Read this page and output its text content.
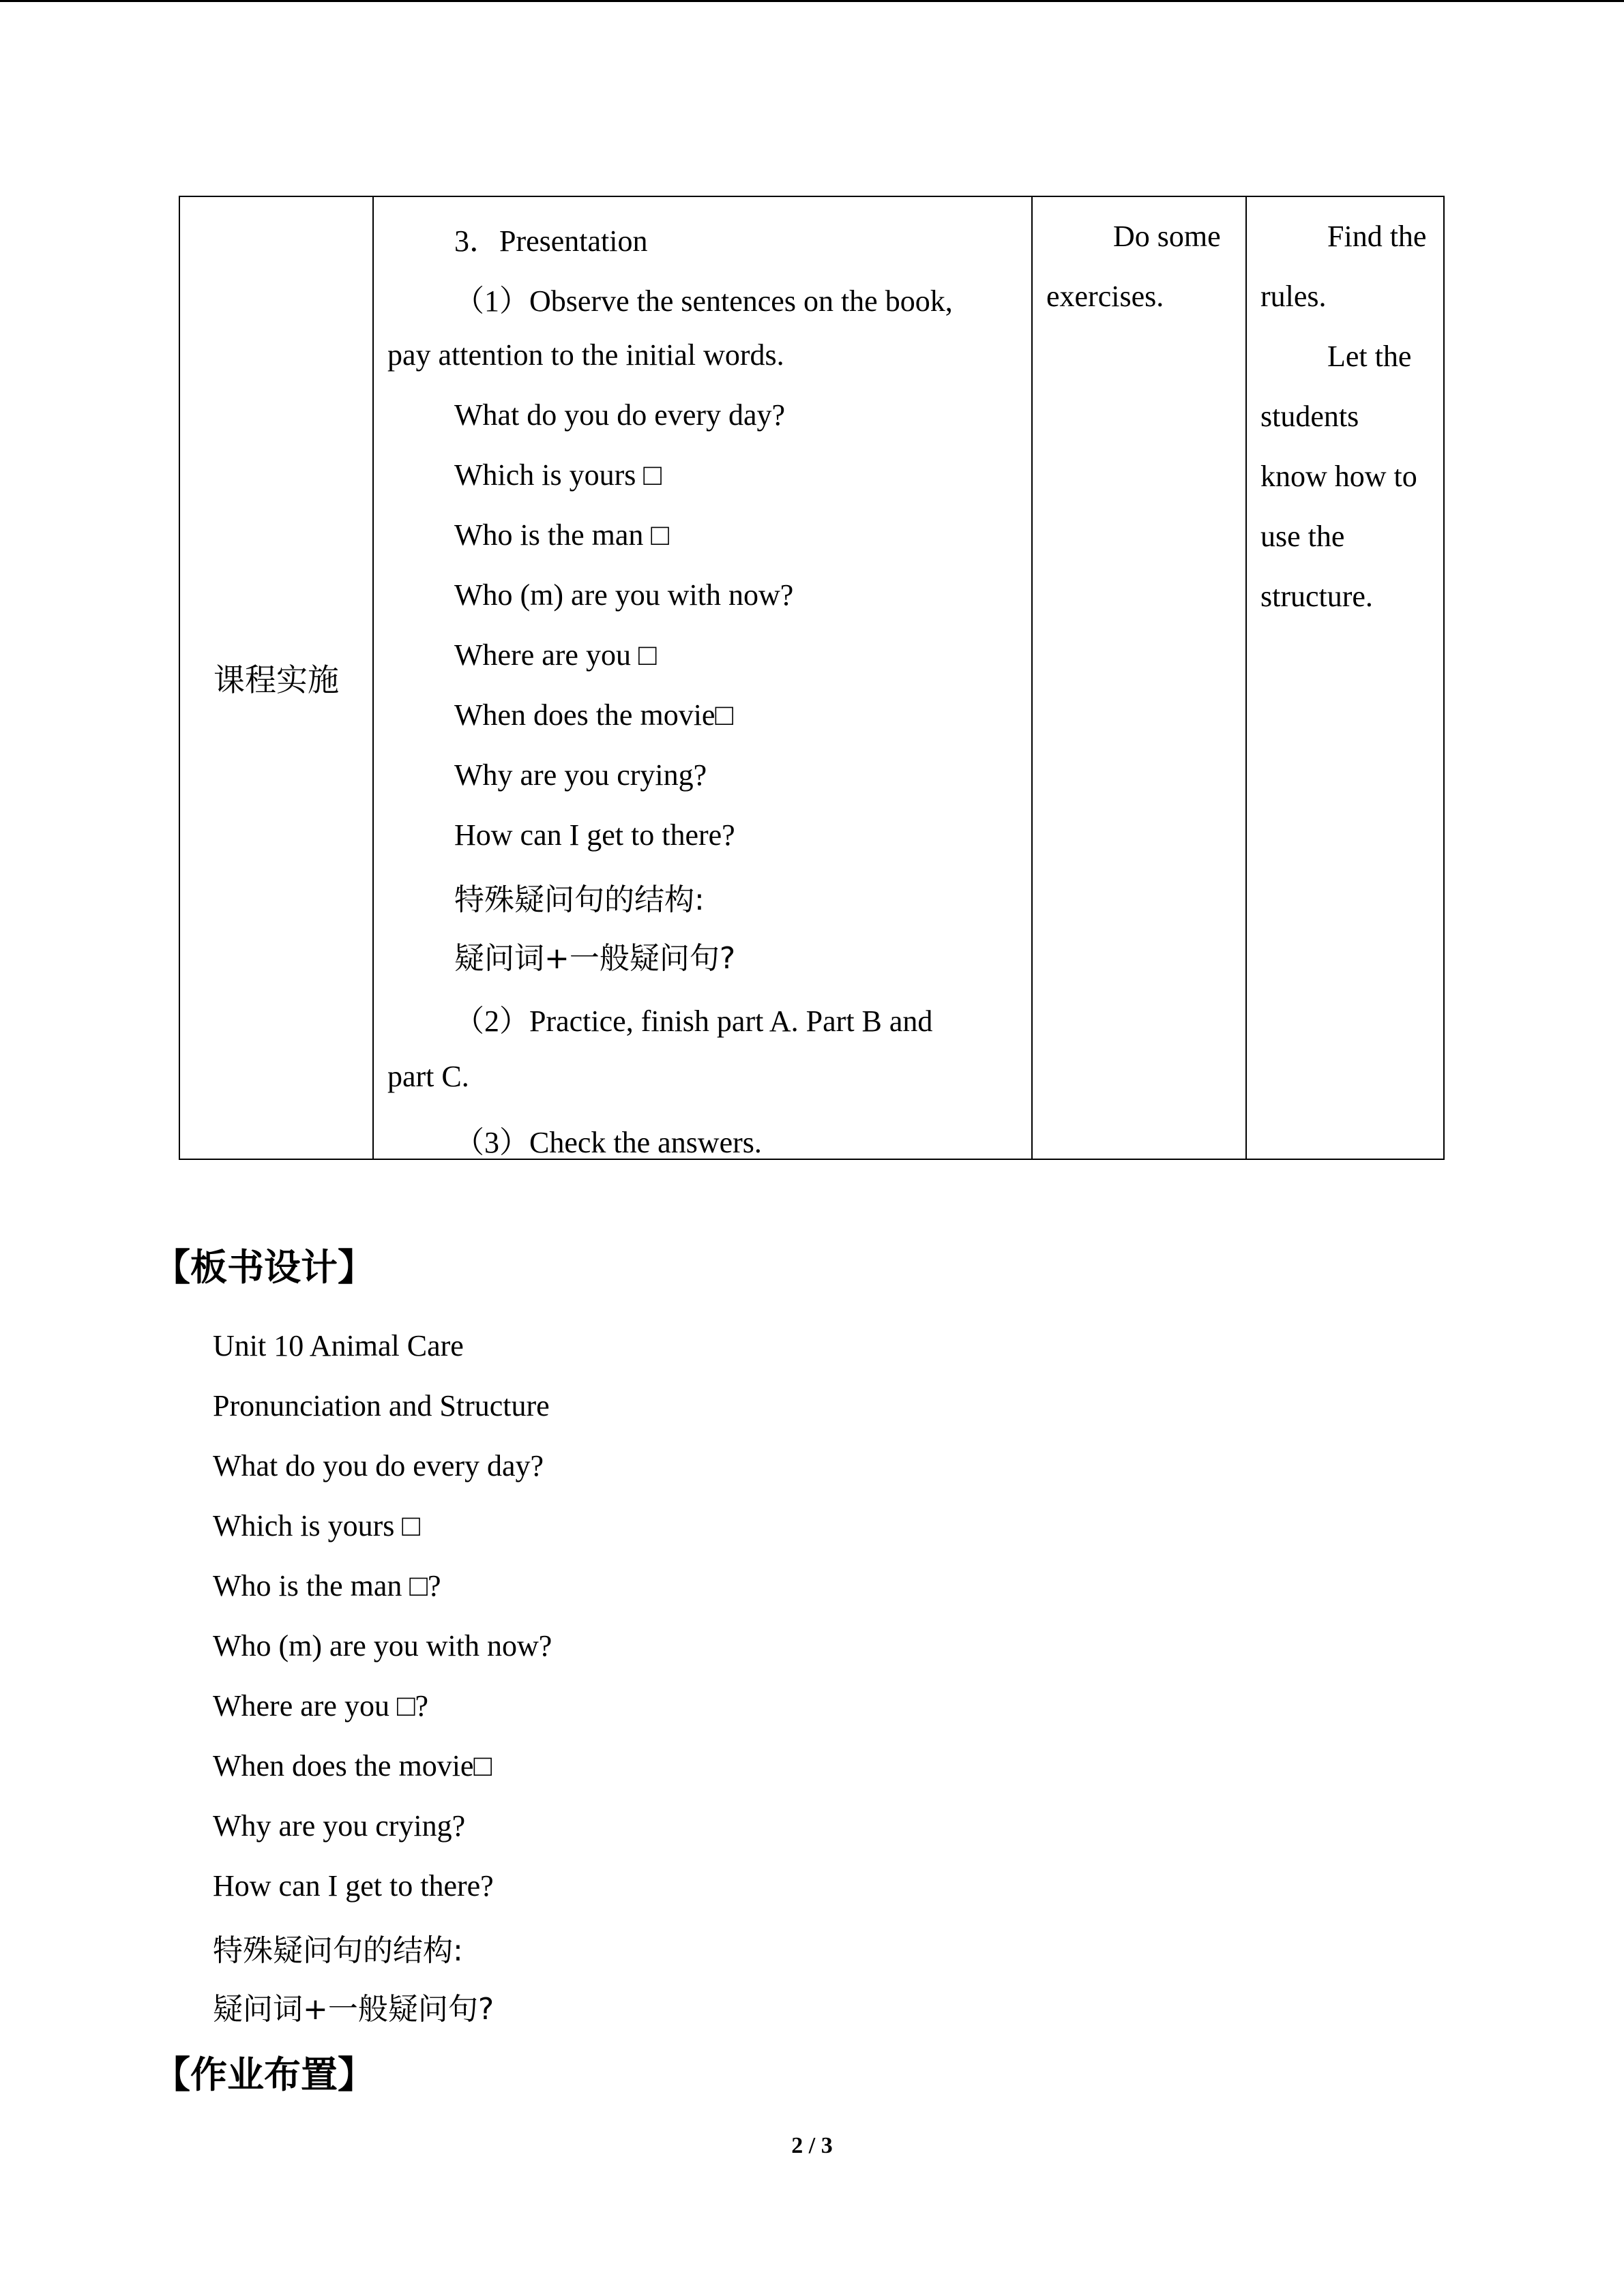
课程实施
3．Presentation
（1）Observe the sentences on the book,
pay attention to the initial words.
What do you do every day?
Which is yours □
Who is the man □
Who (m) are you with now?
Where are you □
When does the movie□
Why are you crying?
How can I get to there?
特殊疑问句的结构:
疑问词+一般疑问句?
（2）Practice, finish part A. Part B and
part C.
（3）Check the answers.
Do some
exercises.
Find the
rules.
Let the
students
know how to
use the
structure.
【板书设计】
Unit 10 Animal Care
Pronunciation and Structure
What do you do every day?
Which is yours □
Who is the man □?
Who (m) are you with now?
Where are you □?
When does the movie□
Why are you crying?
How can I get to there?
特殊疑问句的结构:
疑问词+一般疑问句?
【作业布置】
2 / 3
